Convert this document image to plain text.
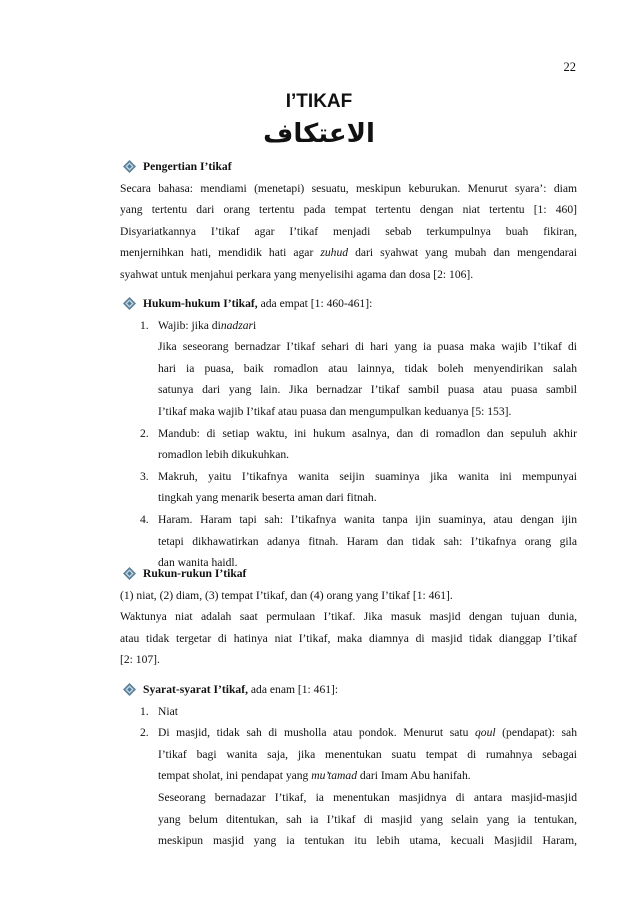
22
I’TIKAF
الاعتكاف
Pengertian I’tikaf
Secara bahasa: mendiami (menetapi) sesuatu, meskipun keburukan. Menurut syara’: diam
yang tertentu dari orang tertentu pada tempat tertentu dengan niat tertentu [1: 460]
Disyariatkannya I’tikaf agar I’tikaf menjadi sebab terkumpulnya buah fikiran,
menjernihkan hati, mendidik hati agar zuhud dari syahwat yang mubah dan mengendarai
syahwat untuk menjahui perkara yang menyelisihi agama dan dosa [2: 106].
Hukum-hukum I’tikaf, ada empat [1: 460-461]:
1. Wajib: jika dinadzari
Jika seseorang bernadzar I’tikaf sehari di hari yang ia puasa maka wajib I’tikaf di
hari ia puasa, baik romadlon atau lainnya, tidak boleh menyendirikan salah
satunya dari yang lain. Jika bernadzar I’tikaf sambil puasa atau puasa sambil
I’tikaf maka wajib I’tikaf atau puasa dan mengumpulkan keduanya [5: 153].
2. Mandub: di setiap waktu, ini hukum asalnya, dan di romadlon dan sepuluh akhir
romadlon lebih dikukuhkan.
3. Makruh, yaitu I’tikafnya wanita seijin suaminya jika wanita ini mempunyai
tingkah yang menarik beserta aman dari fitnah.
4. Haram. Haram tapi sah: I’tikafnya wanita tanpa ijin suaminya, atau dengan ijin
tetapi dikhawatirkan adanya fitnah. Haram dan tidak sah: I’tikafnya orang gila
dan wanita haidl.
Rukun-rukun I’tikaf
(1) niat, (2) diam, (3) tempat I’tikaf, dan (4) orang yang I’tikaf [1: 461].
Waktunya niat adalah saat permulaan I’tikaf. Jika masuk masjid dengan tujuan dunia,
atau tidak tergetar di hatinya niat I’tikaf, maka diamnya di masjid tidak dianggap I’tikaf
[2: 107].
Syarat-syarat I’tikaf, ada enam [1: 461]:
1. Niat
2. Di masjid, tidak sah di musholla atau pondok. Menurut satu qoul (pendapat): sah
I’tikaf bagi wanita saja, jika menentukan suatu tempat di rumahnya sebagai
tempat sholat, ini pendapat yang mu’tamad dari Imam Abu hanifah.
Seseorang bernadazar I’tikaf, ia menentukan masjidnya di antara masjid-masjid
yang belum ditentukan, sah ia I’tikaf di masjid yang selain yang ia tentukan,
meskipun masjid yang ia tentukan itu lebih utama, kecuali Masjidil Haram,
